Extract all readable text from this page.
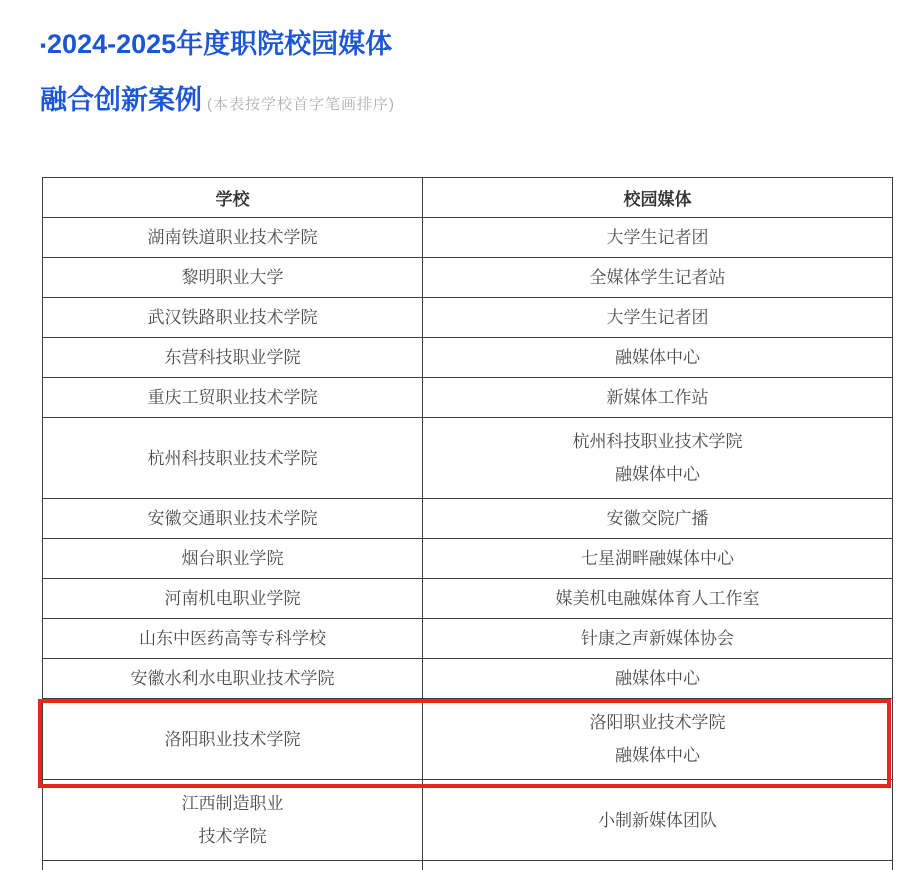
▪2024-2025年度职院校园媒体
融合创新案例 (本表按学校首字笔画排序)
学校	校园媒体

湖南铁道职业技术学院	大学生记者团

黎明职业大学	全媒体学生记者站

武汉铁路职业技术学院	大学生记者团

东营科技职业学院	融媒体中心

重庆工贸职业技术学院	新媒体工作站

杭州科技职业技术学院	杭州科技职业技术学院

融媒体中心

安徽交通职业技术学院	安徽交院广播

烟台职业学院	七星湖畔融媒体中心

河南机电职业学院	媒美机电融媒体育人工作室

山东中医药高等专科学校	针康之声新媒体协会

安徽水利水电职业技术学院	融媒体中心

洛阳职业技术学院	洛阳职业技术学院

融媒体中心

江西制造职业

技术学院	小制新媒体团队
